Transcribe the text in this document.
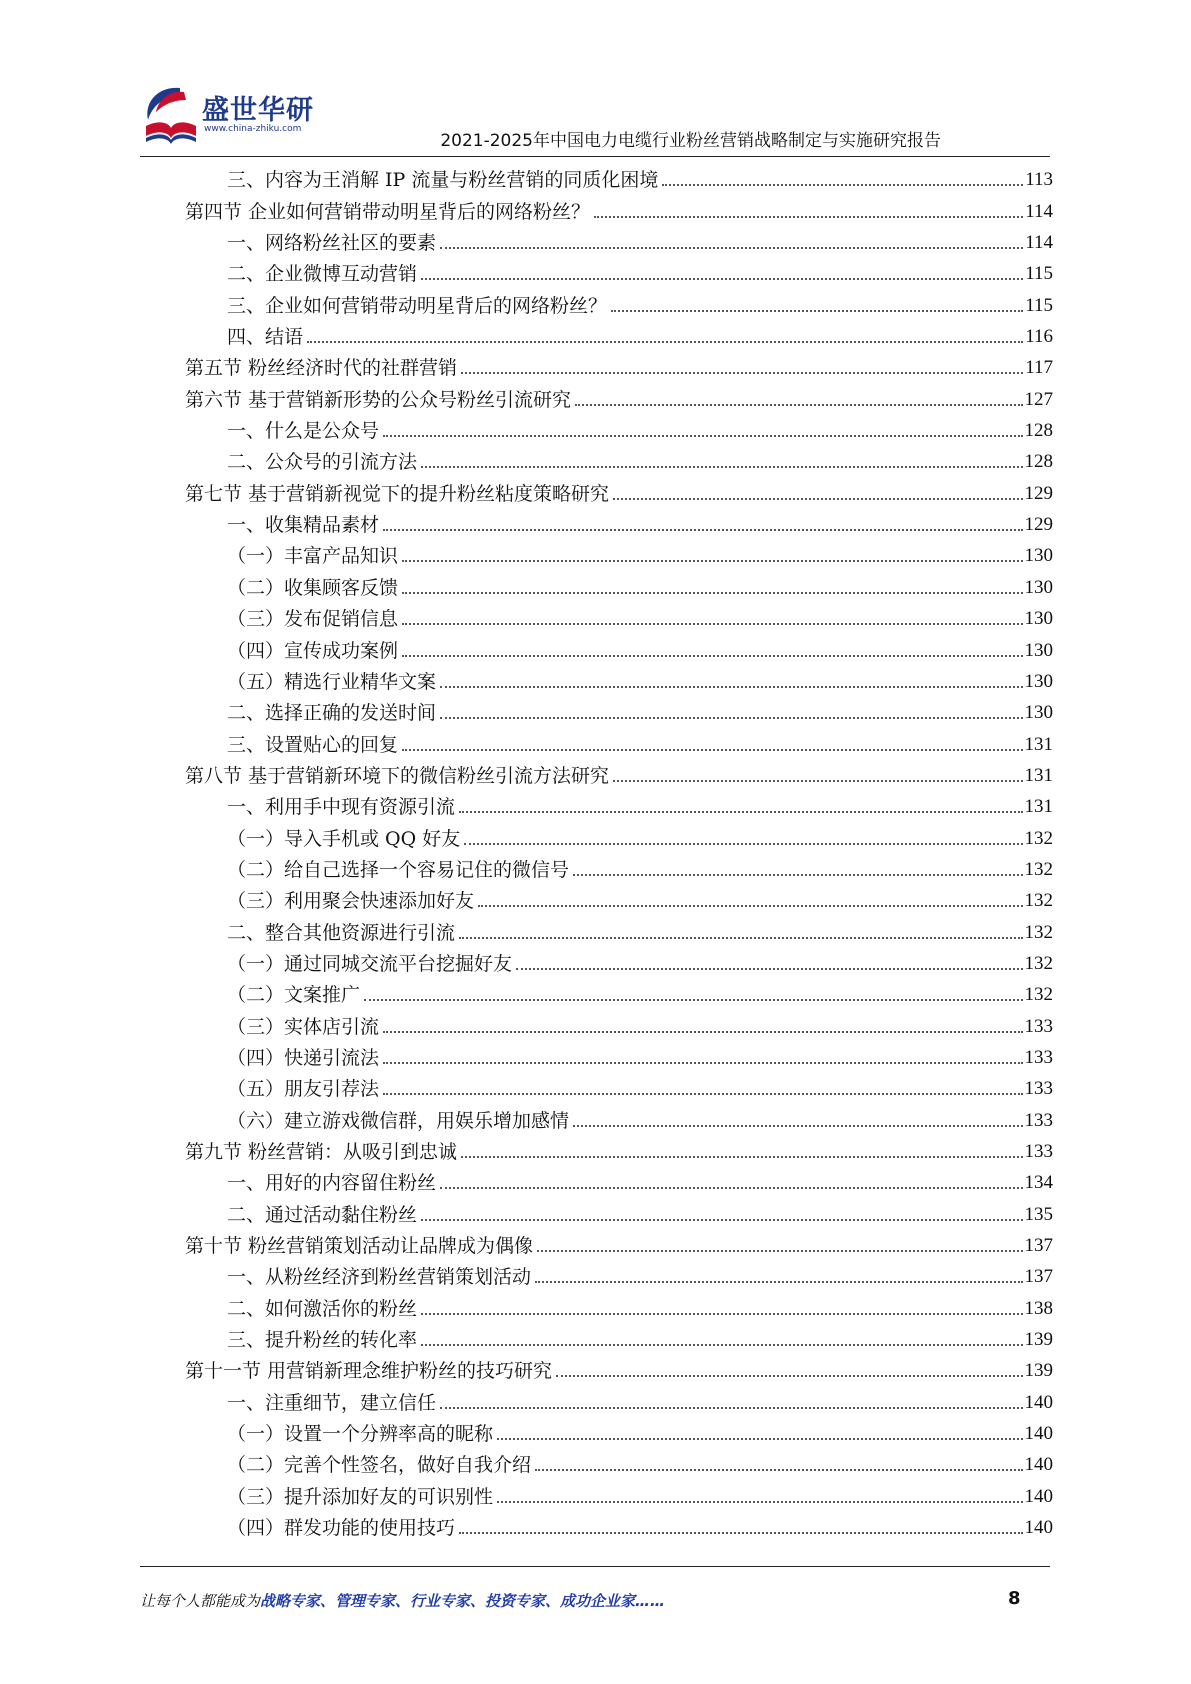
盛世华研
www.china-zhiku.com
2021-2025年中国电力电缆行业粉丝营销战略制定与实施研究报告
三、内容为王消解 IP 流量与粉丝营销的同质化困境	113
第四节 企业如何营销带动明星背后的网络粉丝？	114
一、网络粉丝社区的要素	114
二、企业微博互动营销	115
三、企业如何营销带动明星背后的网络粉丝？	115
四、结语	116
第五节 粉丝经济时代的社群营销	117
第六节 基于营销新形势的公众号粉丝引流研究	127
一、什么是公众号	128
二、公众号的引流方法	128
第七节 基于营销新视觉下的提升粉丝粘度策略研究	129
一、收集精品素材	129
（一）丰富产品知识	130
（二）收集顾客反馈	130
（三）发布促销信息	130
（四）宣传成功案例	130
（五）精选行业精华文案	130
二、选择正确的发送时间	130
三、设置贴心的回复	131
第八节 基于营销新环境下的微信粉丝引流方法研究	131
一、利用手中现有资源引流	131
（一）导入手机或 QQ 好友	132
（二）给自己选择一个容易记住的微信号	132
（三）利用聚会快速添加好友	132
二、整合其他资源进行引流	132
（一）通过同城交流平台挖掘好友	132
（二）文案推广	132
（三）实体店引流	133
（四）快递引流法	133
（五）朋友引荐法	133
（六）建立游戏微信群，用娱乐增加感情	133
第九节 粉丝营销：从吸引到忠诚	133
一、用好的内容留住粉丝	134
二、通过活动黏住粉丝	135
第十节 粉丝营销策划活动让品牌成为偶像	137
一、从粉丝经济到粉丝营销策划活动	137
二、如何激活你的粉丝	138
三、提升粉丝的转化率	139
第十一节 用营销新理念维护粉丝的技巧研究	139
一、注重细节，建立信任	140
（一）设置一个分辨率高的昵称	140
（二）完善个性签名，做好自我介绍	140
（三）提升添加好友的可识别性	140
（四）群发功能的使用技巧	140
让每个人都能成为战略专家、管理专家、行业专家、投资专家、成功企业家……	8
